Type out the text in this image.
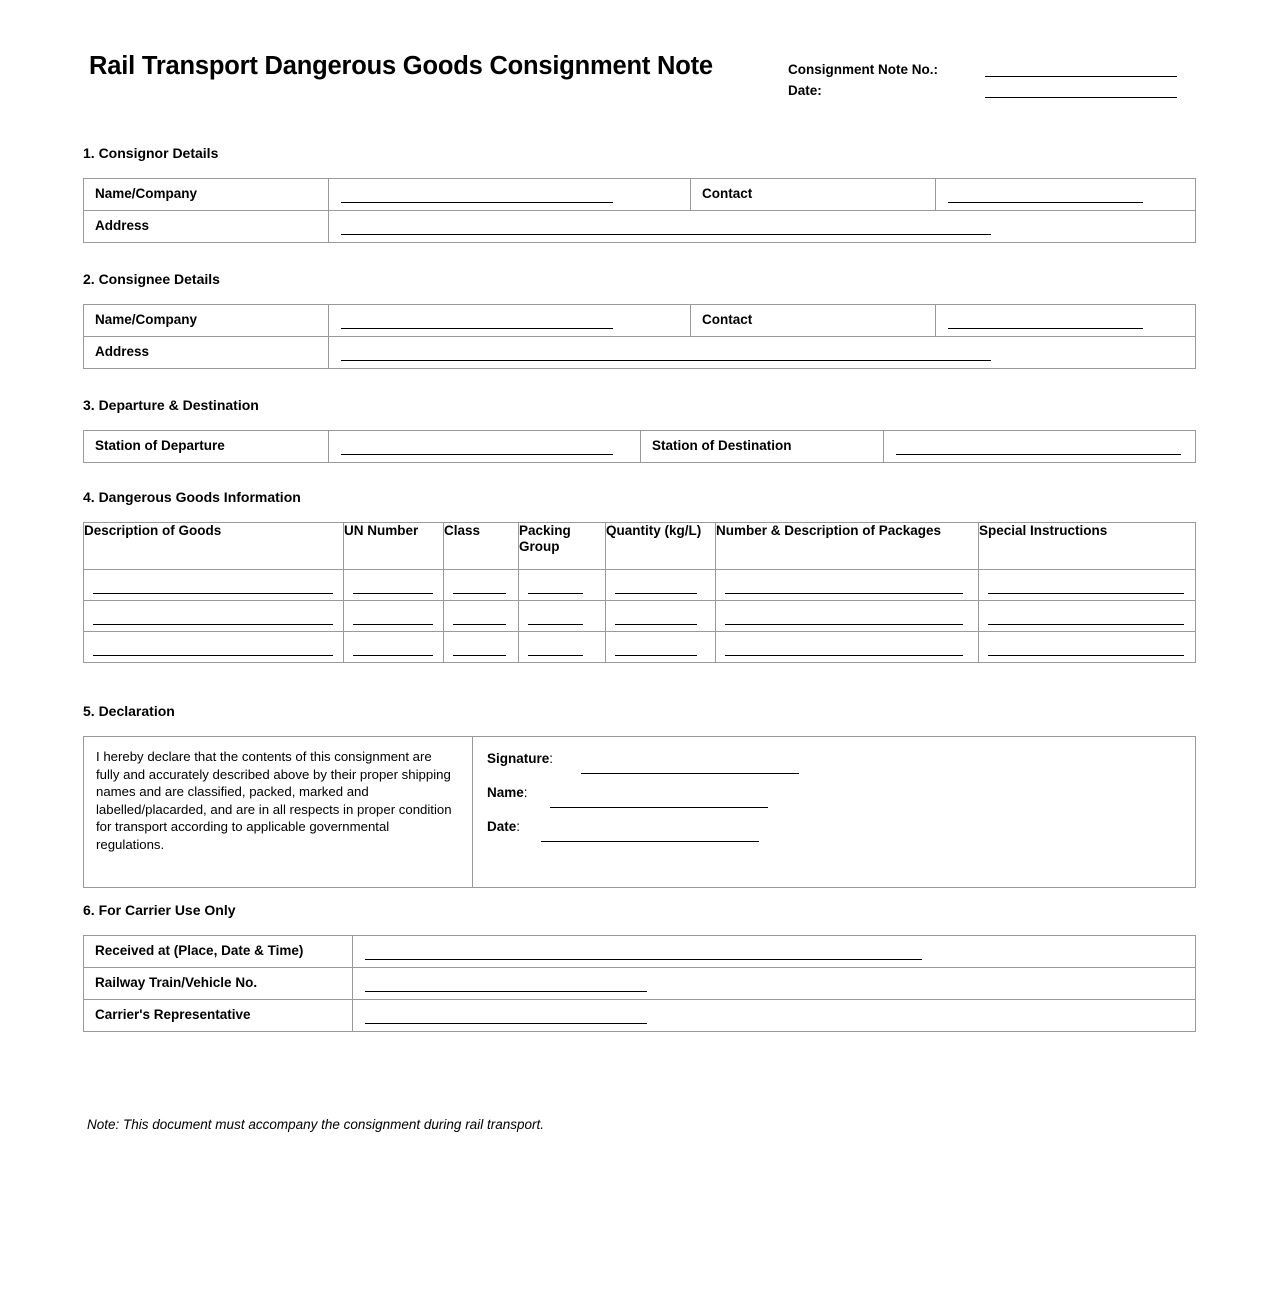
Rail Transport Dangerous Goods Consignment Note	Consignment Note No.:
Date:
1. Consignor Details
Name/Company		Contact	

Address			

2. Consignee Details
Name/Company		Contact	

Address			

3. Departure & Destination
Station of Departure		Station of Destination

4. Dangerous Goods Information
Description of Goods	UN Number	Class	Packing Group	Quantity (kg/L)	Number & Description of Packages	Special Instructions

5. Declaration
I hereby declare that the contents of this consignment are fully and accurately described above by their proper shipping names and are classified, packed, marked and labelled/placarded, and are in all respects in proper condition for transport according to applicable governmental regulations.

Signature:
Name:
Date:
6. For Carrier Use Only
Received at (Place, Date & Time)	

Railway Train/Vehicle No.	

Carrier's Representative	

Note: This document must accompany the consignment during rail transport.
